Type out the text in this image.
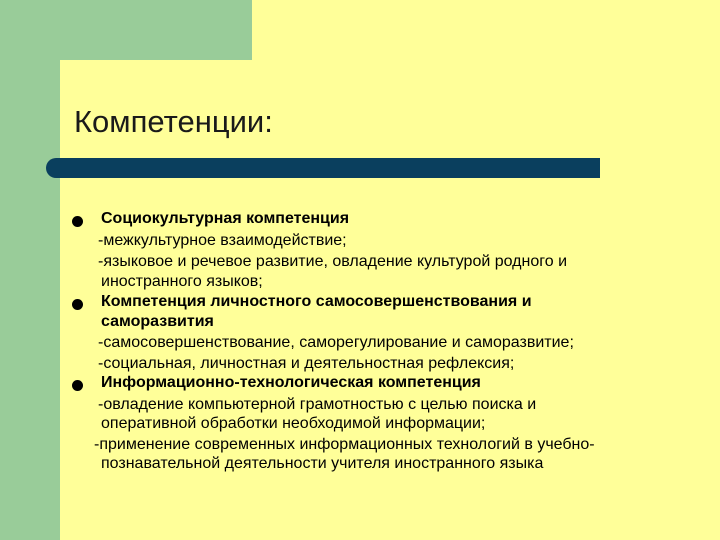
Компетенции:

Социокультурная компетенция

-межкультурное взаимодействие;

-языковое и речевое развитие, овладение культурой родного и

иностранного языков;

Компетенция личностного самосовершенствования и

саморазвития

-самосовершенствование, саморегулирование и саморазвитие;

-социальная, личностная и деятельностная рефлексия;

Информационно-технологическая компетенция

-овладение компьютерной грамотностью с целью поиска и

оперативной обработки необходимой информации;

-применение современных информационных технологий в учебно-

познавательной деятельности учителя иностранного языка
